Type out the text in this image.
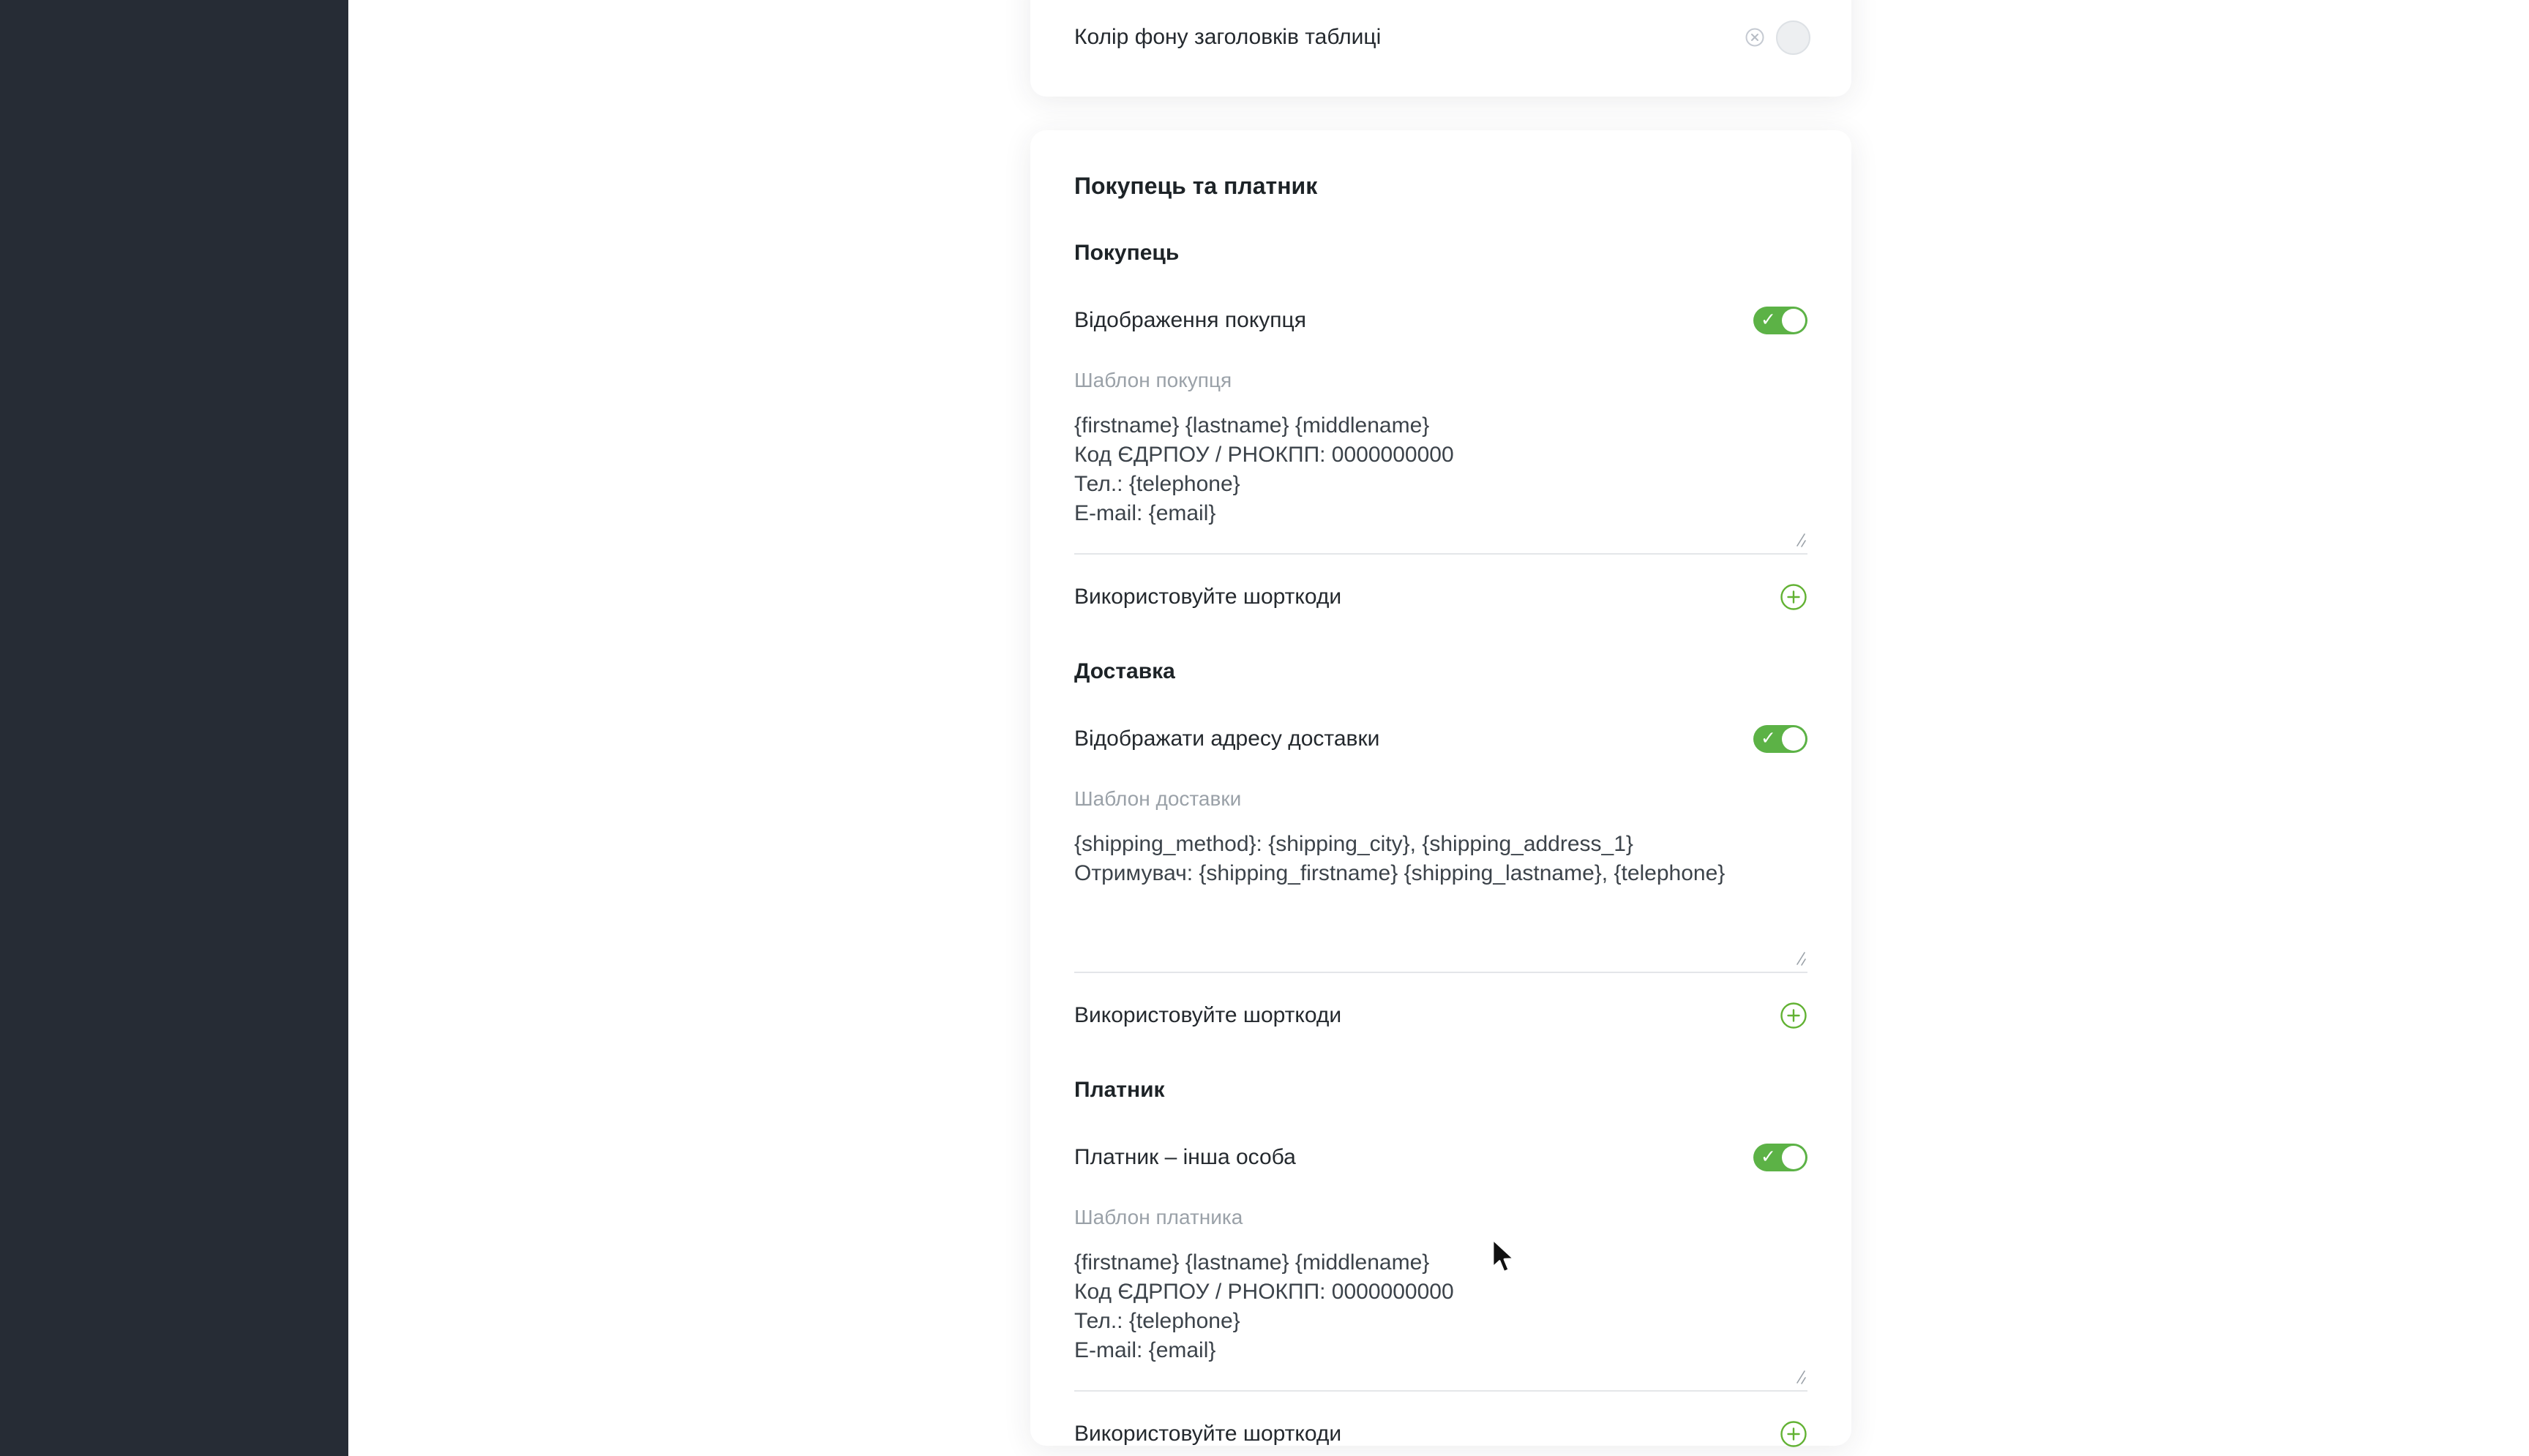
Колір фону заголовків таблиці
Покупець та платник
Покупець
Відображення покупця	✓
Шаблон покупця
{firstname} {lastname} {middlename} Код ЄДРПОУ / РНОКПП: 0000000000 Тел.: {telephone} E-mail: {email}
Використовуйте шорткоди
Доставка
Відображати адресу доставки	✓
Шаблон доставки
{shipping_method}: {shipping_city}, {shipping_address_1} Отримувач: {shipping_firstname} {shipping_lastname}, {telephone}
Використовуйте шорткоди
Платник
Платник – інша особа	✓
Шаблон платника
{firstname} {lastname} {middlename} Код ЄДРПОУ / РНОКПП: 0000000000 Тел.: {telephone} E-mail: {email}
Використовуйте шорткоди
